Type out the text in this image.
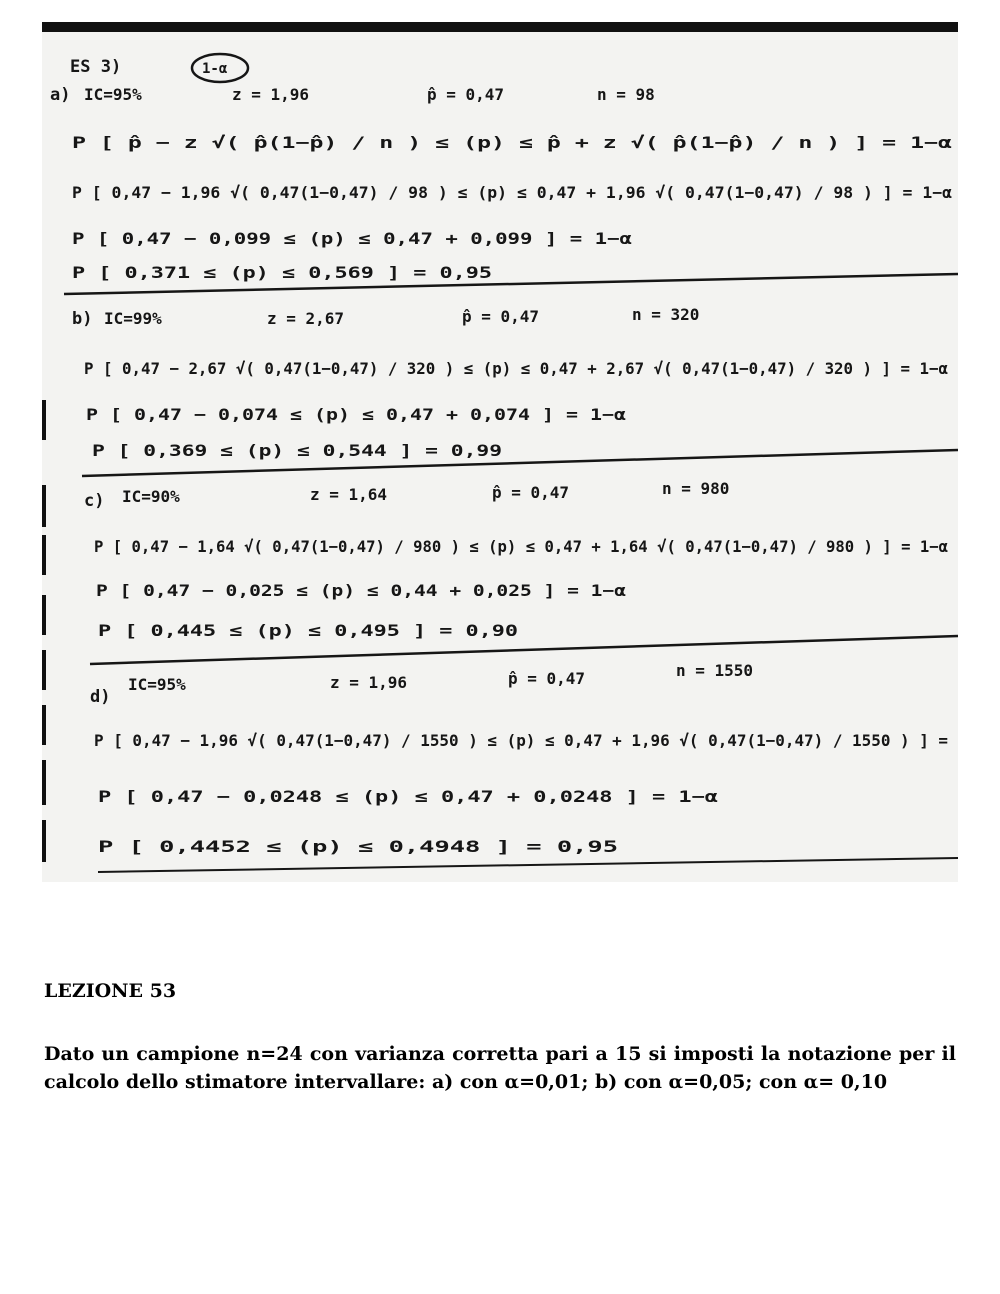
ES 3)	1-α
a) IC=95%	z = 1,96	p̂ = 0,47	n = 98
P [ p̂ − z √( p̂(1−p̂) / n ) ≤ (p) ≤ p̂ + z √( p̂(1−p̂) / n ) ] = 1−α
P [ 0,47 − 1,96 √( 0,47(1−0,47) / 98 ) ≤ (p) ≤ 0,47 + 1,96 √( 0,47(1−0,47) / 98 ) ] = 1−α
P [ 0,47 − 0,099 ≤ (p) ≤ 0,47 + 0,099 ] = 1−α
P [ 0,371 ≤ (p) ≤ 0,569 ] = 0,95
b) IC=99%	z = 2,67	p̂ = 0,47	n = 320
P [ 0,47 − 2,67 √( 0,47(1−0,47) / 320 ) ≤ (p) ≤ 0,47 + 2,67 √( 0,47(1−0,47) / 320 ) ] = 1−α
P [ 0,47 − 0,074 ≤ (p) ≤ 0,47 + 0,074 ] = 1−α
P [ 0,369 ≤ (p) ≤ 0,544 ] = 0,99
c) IC=90%	z = 1,64	p̂ = 0,47	n = 980
P [ 0,47 − 1,64 √( 0,47(1−0,47) / 980 ) ≤ (p) ≤ 0,47 + 1,64 √( 0,47(1−0,47) / 980 ) ] = 1−α
P [ 0,47 − 0,025 ≤ (p) ≤ 0,44 + 0,025 ] = 1−α
P [ 0,445 ≤ (p) ≤ 0,495 ] = 0,90
d)
IC=95%	z = 1,96	p̂ = 0,47	n = 1550
P [ 0,47 − 1,96 √( 0,47(1−0,47) / 1550 ) ≤ (p) ≤ 0,47 + 1,96 √( 0,47(1−0,47) / 1550 ) ] =
P [ 0,47 − 0,0248 ≤ (p) ≤ 0,47 + 0,0248 ] = 1−α
P [ 0,4452 ≤ (p) ≤ 0,4948 ] = 0,95
LEZIONE 53

Dato un campione n=24 con varianza corretta pari a 15 si imposti la notazione per il calcolo dello stimatore intervallare: a) con α=0,01; b) con α=0,05; con α= 0,10
